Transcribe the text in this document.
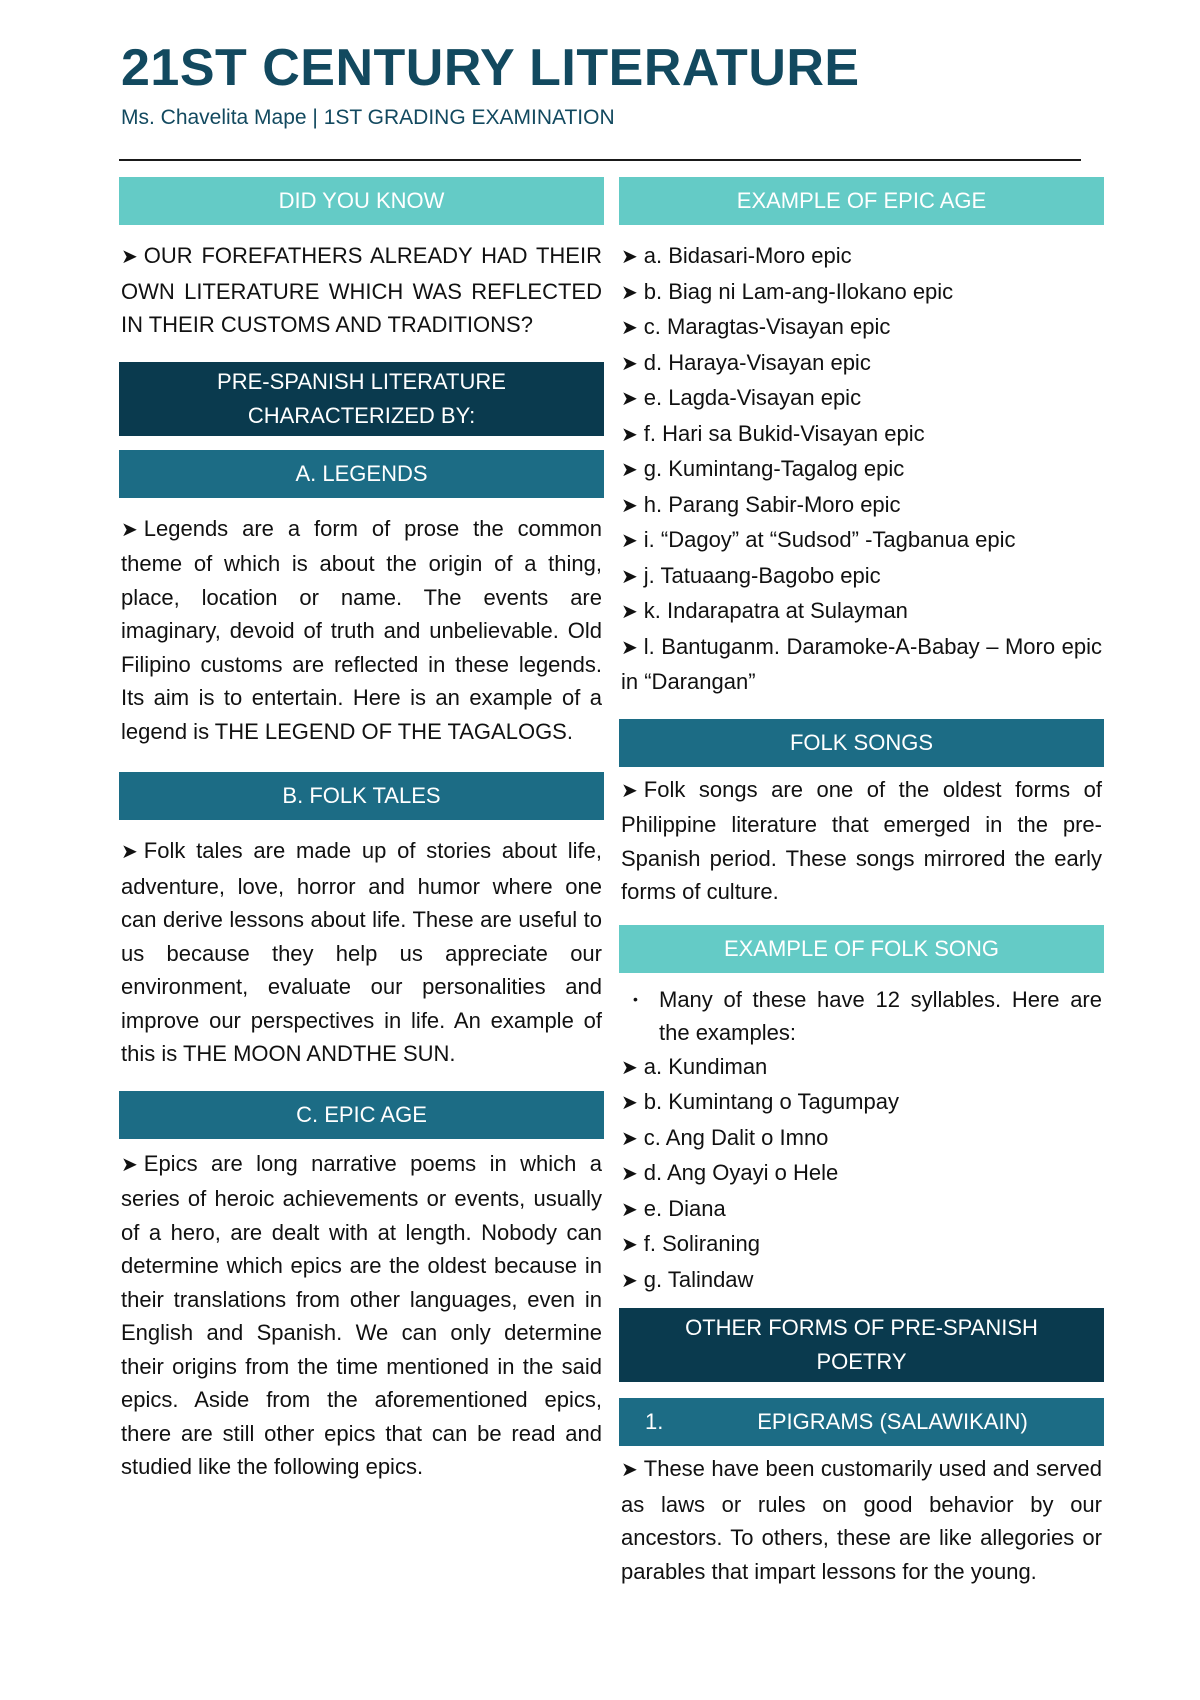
21ST CENTURY LITERATURE
Ms. Chavelita Mape | 1ST GRADING EXAMINATION
DID YOU KNOW
➤ OUR FOREFATHERS ALREADY HAD THEIR OWN LITERATURE WHICH WAS REFLECTED IN THEIR CUSTOMS AND TRADITIONS?
PRE-SPANISH LITERATURE CHARACTERIZED BY:
A. LEGENDS
➤ Legends are a form of prose the common theme of which is about the origin of a thing, place, location or name. The events are imaginary, devoid of truth and unbelievable. Old Filipino customs are reflected in these legends. Its aim is to entertain. Here is an example of a legend is THE LEGEND OF THE TAGALOGS.
B. FOLK TALES
➤ Folk tales are made up of stories about life, adventure, love, horror and humor where one can derive lessons about life. These are useful to us because they help us appreciate our environment, evaluate our personalities and improve our perspectives in life. An example of this is THE MOON ANDTHE SUN.
C. EPIC AGE
➤ Epics are long narrative poems in which a series of heroic achievements or events, usually of a hero, are dealt with at length. Nobody can determine which epics are the oldest because in their translations from other languages, even in English and Spanish. We can only determine their origins from the time mentioned in the said epics. Aside from the aforementioned epics, there are still other epics that can be read and studied like the following epics.
EXAMPLE OF EPIC AGE
➤ a. Bidasari-Moro epic
➤ b. Biag ni Lam-ang-Ilokano epic
➤ c. Maragtas-Visayan epic
➤ d. Haraya-Visayan epic
➤ e. Lagda-Visayan epic
➤ f. Hari sa Bukid-Visayan epic
➤ g. Kumintang-Tagalog epic
➤ h. Parang Sabir-Moro epic
➤ i. “Dagoy” at “Sudsod” -Tagbanua epic
➤ j. Tatuaang-Bagobo epic
➤ k. Indarapatra at Sulayman
➤ l. Bantuganm. Daramoke-A-Babay – Moro epic in “Darangan”
FOLK SONGS
➤ Folk songs are one of the oldest forms of Philippine literature that emerged in the pre-Spanish period. These songs mirrored the early forms of culture.
EXAMPLE OF FOLK SONG
• Many of these have 12 syllables. Here are the examples:
➤ a. Kundiman
➤ b. Kumintang o Tagumpay
➤ c. Ang Dalit o Imno
➤ d. Ang Oyayi o Hele
➤ e. Diana
➤ f. Soliraning
➤ g. Talindaw
OTHER FORMS OF PRE-SPANISH POETRY
1.	EPIGRAMS (SALAWIKAIN)
➤ These have been customarily used and served as laws or rules on good behavior by our ancestors. To others, these are like allegories or parables that impart lessons for the young.
